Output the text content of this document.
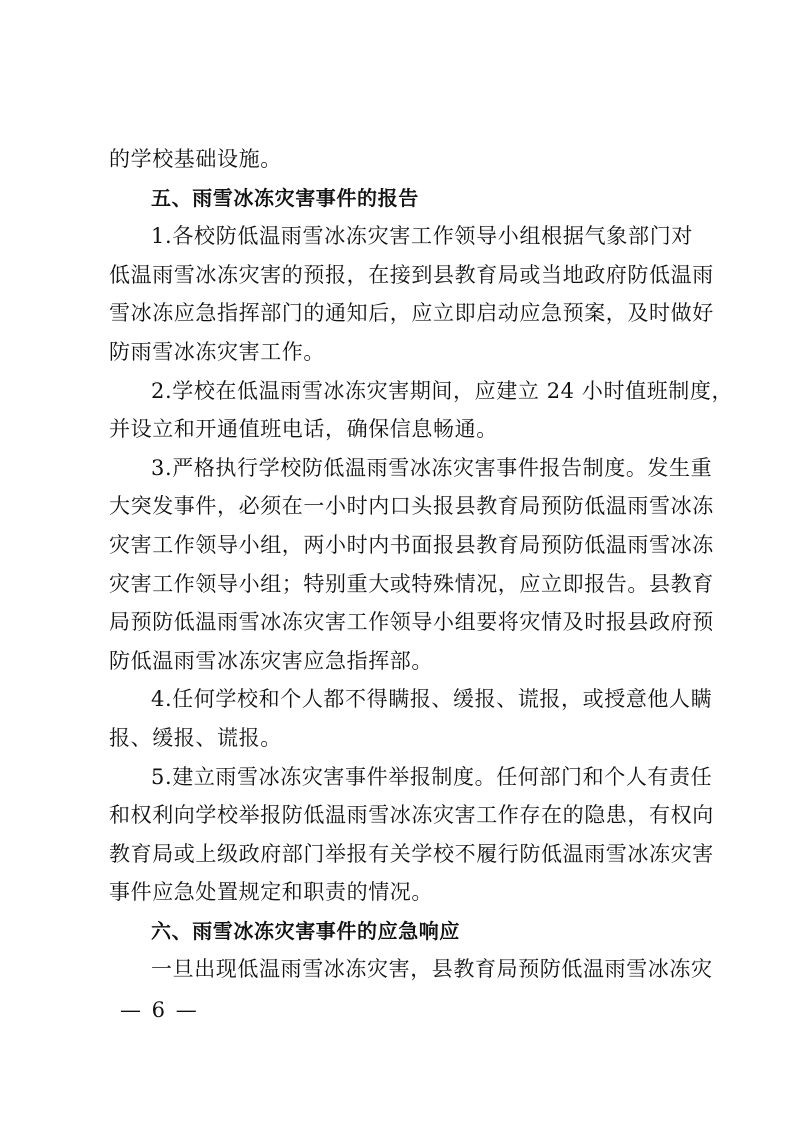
的学校基础设施。
五、雨雪冰冻灾害事件的报告
1.各校防低温雨雪冰冻灾害工作领导小组根据气象部门对
低温雨雪冰冻灾害的预报，在接到县教育局或当地政府防低温雨
雪冰冻应急指挥部门的通知后，应立即启动应急预案，及时做好
防雨雪冰冻灾害工作。
2.学校在低温雨雪冰冻灾害期间，应建立 24 小时值班制度，
并设立和开通值班电话，确保信息畅通。
3.严格执行学校防低温雨雪冰冻灾害事件报告制度。发生重
大突发事件，必须在一小时内口头报县教育局预防低温雨雪冰冻
灾害工作领导小组，两小时内书面报县教育局预防低温雨雪冰冻
灾害工作领导小组；特别重大或特殊情况，应立即报告。县教育
局预防低温雨雪冰冻灾害工作领导小组要将灾情及时报县政府预
防低温雨雪冰冻灾害应急指挥部。
4.任何学校和个人都不得瞒报、缓报、谎报，或授意他人瞒
报、缓报、谎报。
5.建立雨雪冰冻灾害事件举报制度。任何部门和个人有责任
和权利向学校举报防低温雨雪冰冻灾害工作存在的隐患，有权向
教育局或上级政府部门举报有关学校不履行防低温雨雪冰冻灾害
事件应急处置规定和职责的情况。
六、雨雪冰冻灾害事件的应急响应
一旦出现低温雨雪冰冻灾害，县教育局预防低温雨雪冰冻灾
— 6 —
